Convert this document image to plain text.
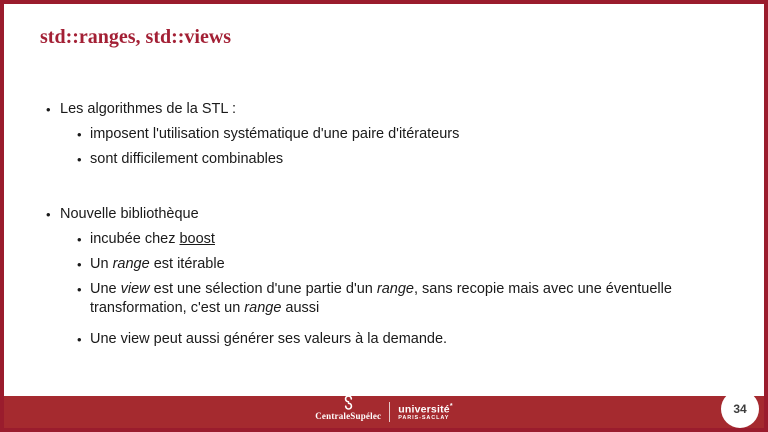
std::ranges, std::views
• Les algorithmes de la STL :
• imposent l'utilisation systématique d'une paire d'itérateurs
• sont difficilement combinables
• Nouvelle bibliothèque
• incubée chez boost
• Un range est itérable
• Une view est une sélection d'une partie d'un range, sans recopie mais avec une éventuelle
transformation, c'est un range aussi
• Une view peut aussi générer ses valeurs à la demande.
CentraleSupélec
université*
PARIS-SACLAY
34
